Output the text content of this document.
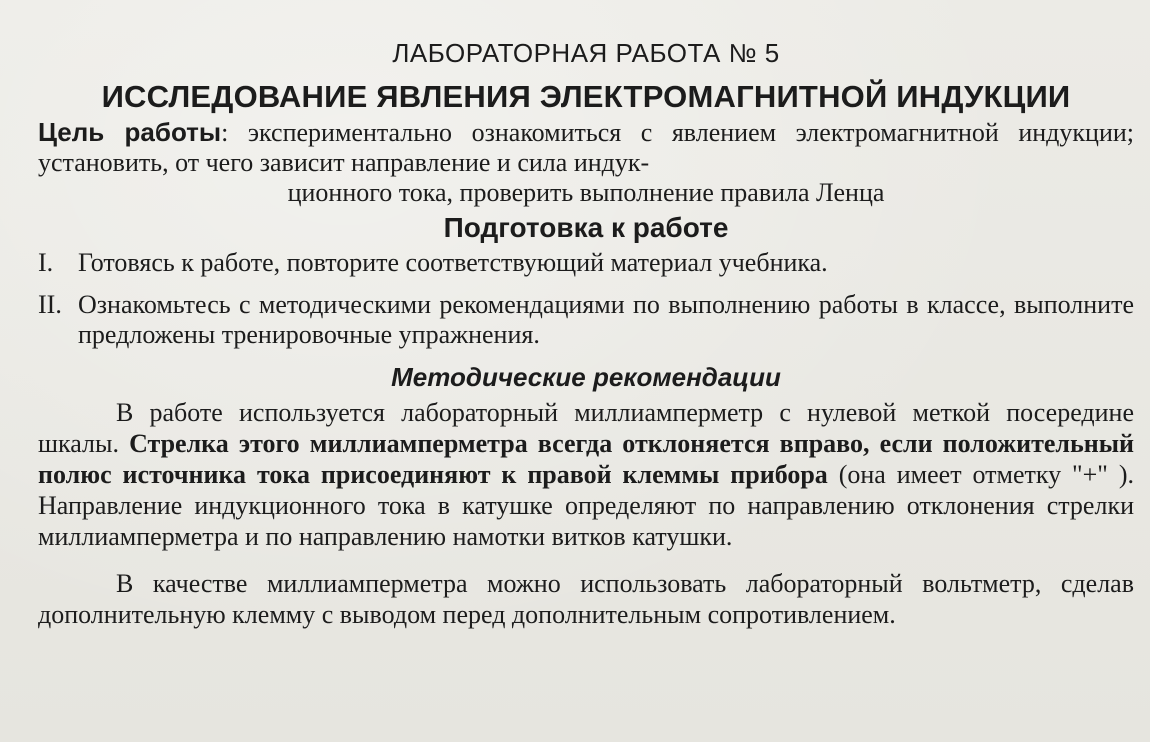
ЛАБОРАТОРНАЯ РАБОТА № 5
ИССЛЕДОВАНИЕ ЯВЛЕНИЯ ЭЛЕКТРОМАГНИТНОЙ ИНДУКЦИИ

Цель работы: экспериментально ознакомиться с явлением электромагнитной индукции; установить, от чего зависит направление и сила индук-

ционного тока, проверить выполнение правила Ленца

Подготовка к работе
I. Готовясь к работе, повторите соответствующий материал учебника.
II. Ознакомьтесь с методическими рекомендациями по выполнению работы в классе, выполните предложены тренировочные упражнения.
Методические рекомендации

В работе используется лабораторный миллиамперметр с нулевой меткой посередине шкалы. Стрелка этого миллиамперметра всегда отклоняется вправо, если положительный полюс источника тока присоединяют к правой клеммы прибора (она имеет отметку "+" ). Направление индукционного тока в катушке определяют по направлению отклонения стрелки миллиамперметра и по направлению намотки витков катушки.

В качестве миллиамперметра можно использовать лабораторный вольтметр, сделав дополнительную клемму с выводом перед дополнительным сопротивлением.
